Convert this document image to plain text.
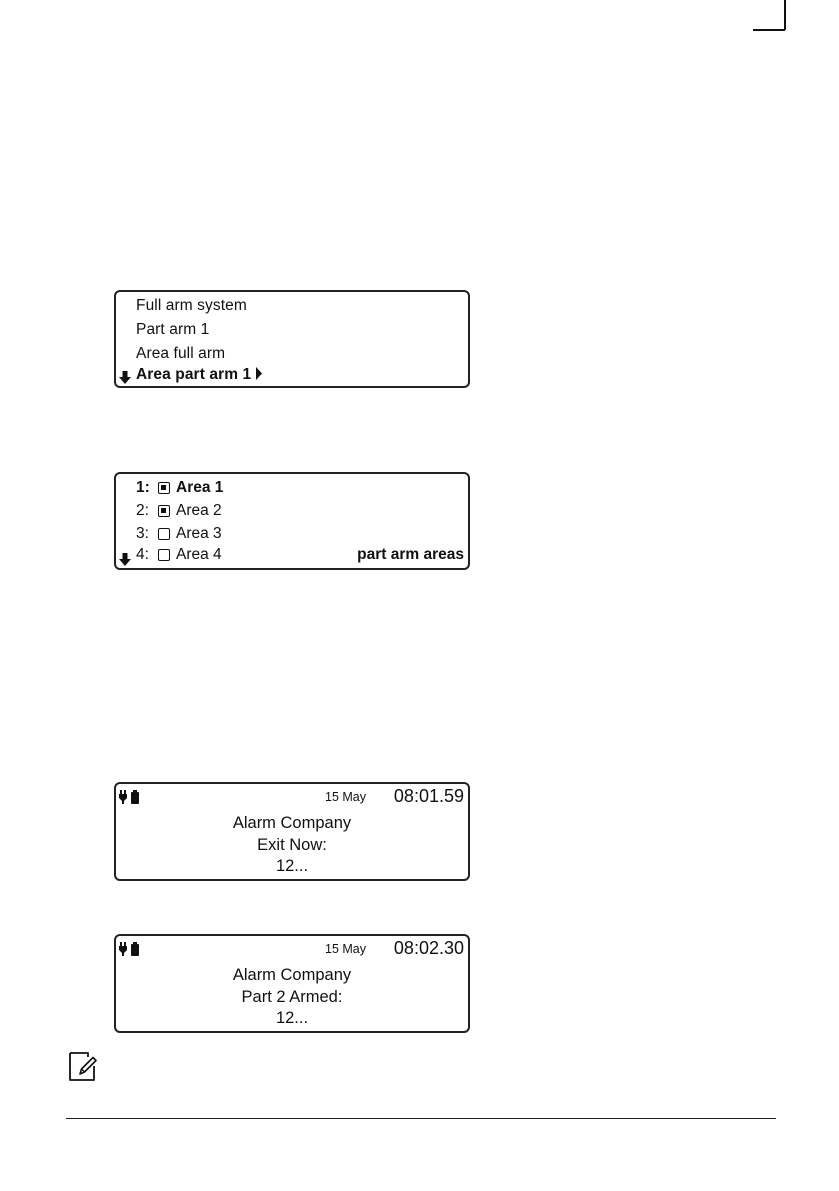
Full arm system
Part arm 1
Area full arm
Area part arm 1
1:	Area 1
2:	Area 2
3:	Area 3
4:	Area 4	part arm areas
15 May 08:01.59
Alarm Company
Exit Now:
12...
15 May 08:02.30
Alarm Company
Part 2 Armed:
12...
